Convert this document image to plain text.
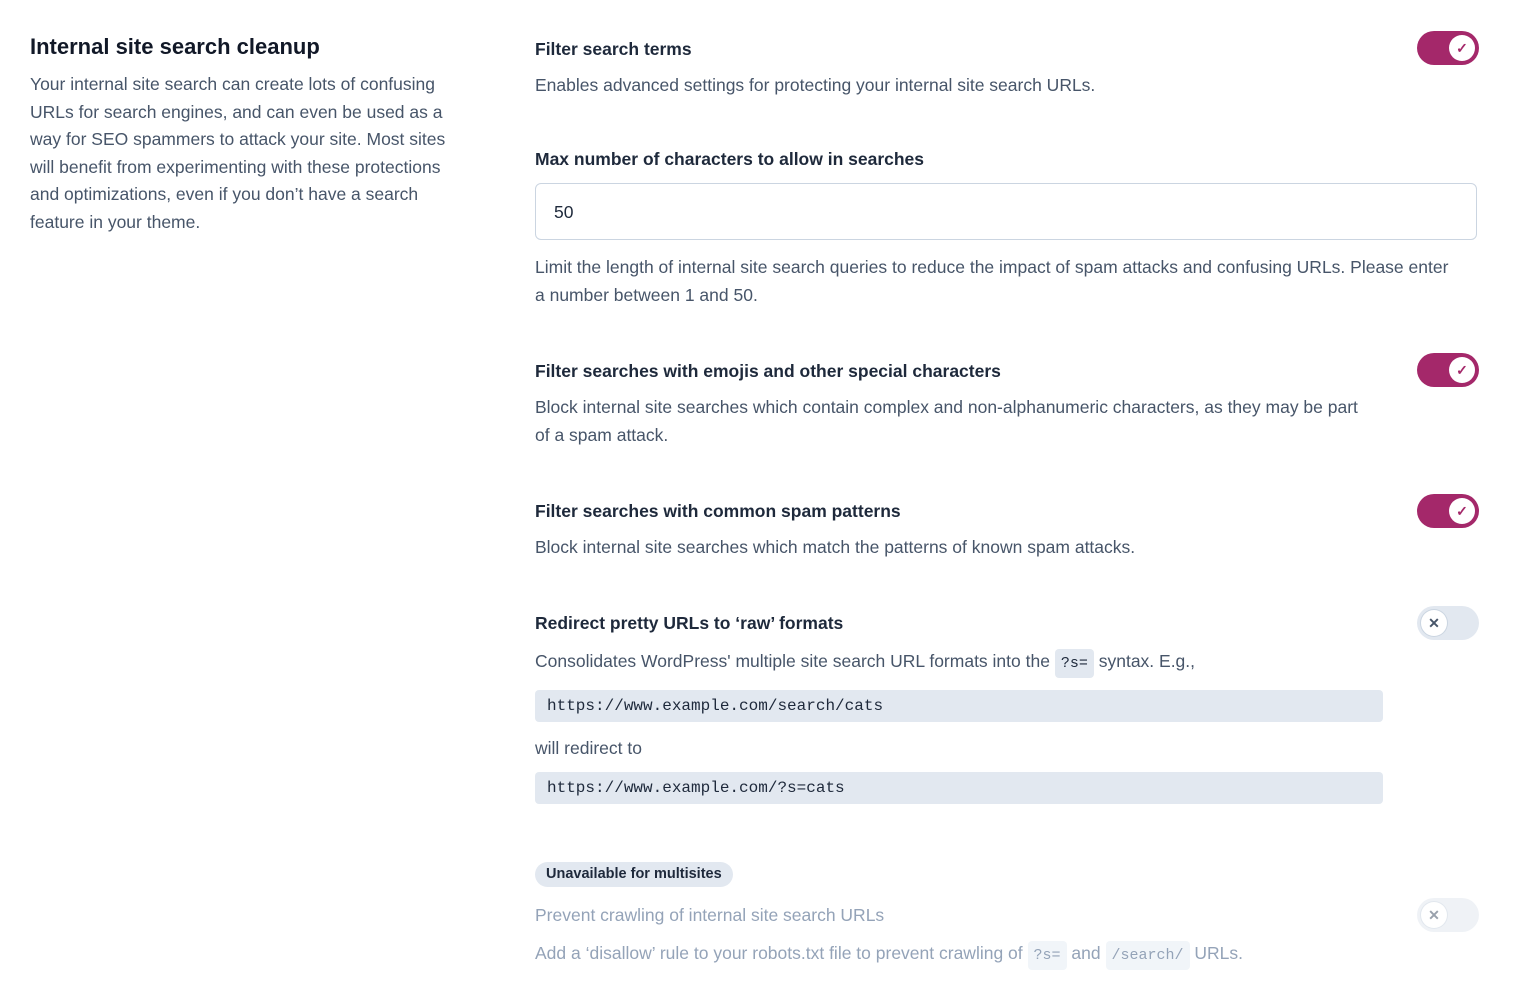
Internal site search cleanup
Your internal site search can create lots of confusing URLs for search engines, and can even be used as a way for SEO spammers to attack your site. Most sites will benefit from experimenting with these protections and optimizations, even if you don’t have a search feature in your theme.
Filter search terms	✓
Enables advanced settings for protecting your internal site search URLs.
Max number of characters to allow in searches
50
Limit the length of internal site search queries to reduce the impact of spam attacks and confusing URLs. Please enter a number between 1 and 50.
Filter searches with emojis and other special characters	✓
Block internal site searches which contain complex and non-alphanumeric characters, as they may be part of a spam attack.
Filter searches with common spam patterns	✓
Block internal site searches which match the patterns of known spam attacks.
Redirect pretty URLs to ‘raw’ formats	✕
Consolidates WordPress' multiple site search URL formats into the ?s= syntax. E.g.,
https://www.example.com/search/cats
will redirect to
https://www.example.com/?s=cats
Unavailable for multisites
Prevent crawling of internal site search URLs	✕
Add a ‘disallow’ rule to your robots.txt file to prevent crawling of ?s= and /search/ URLs.
